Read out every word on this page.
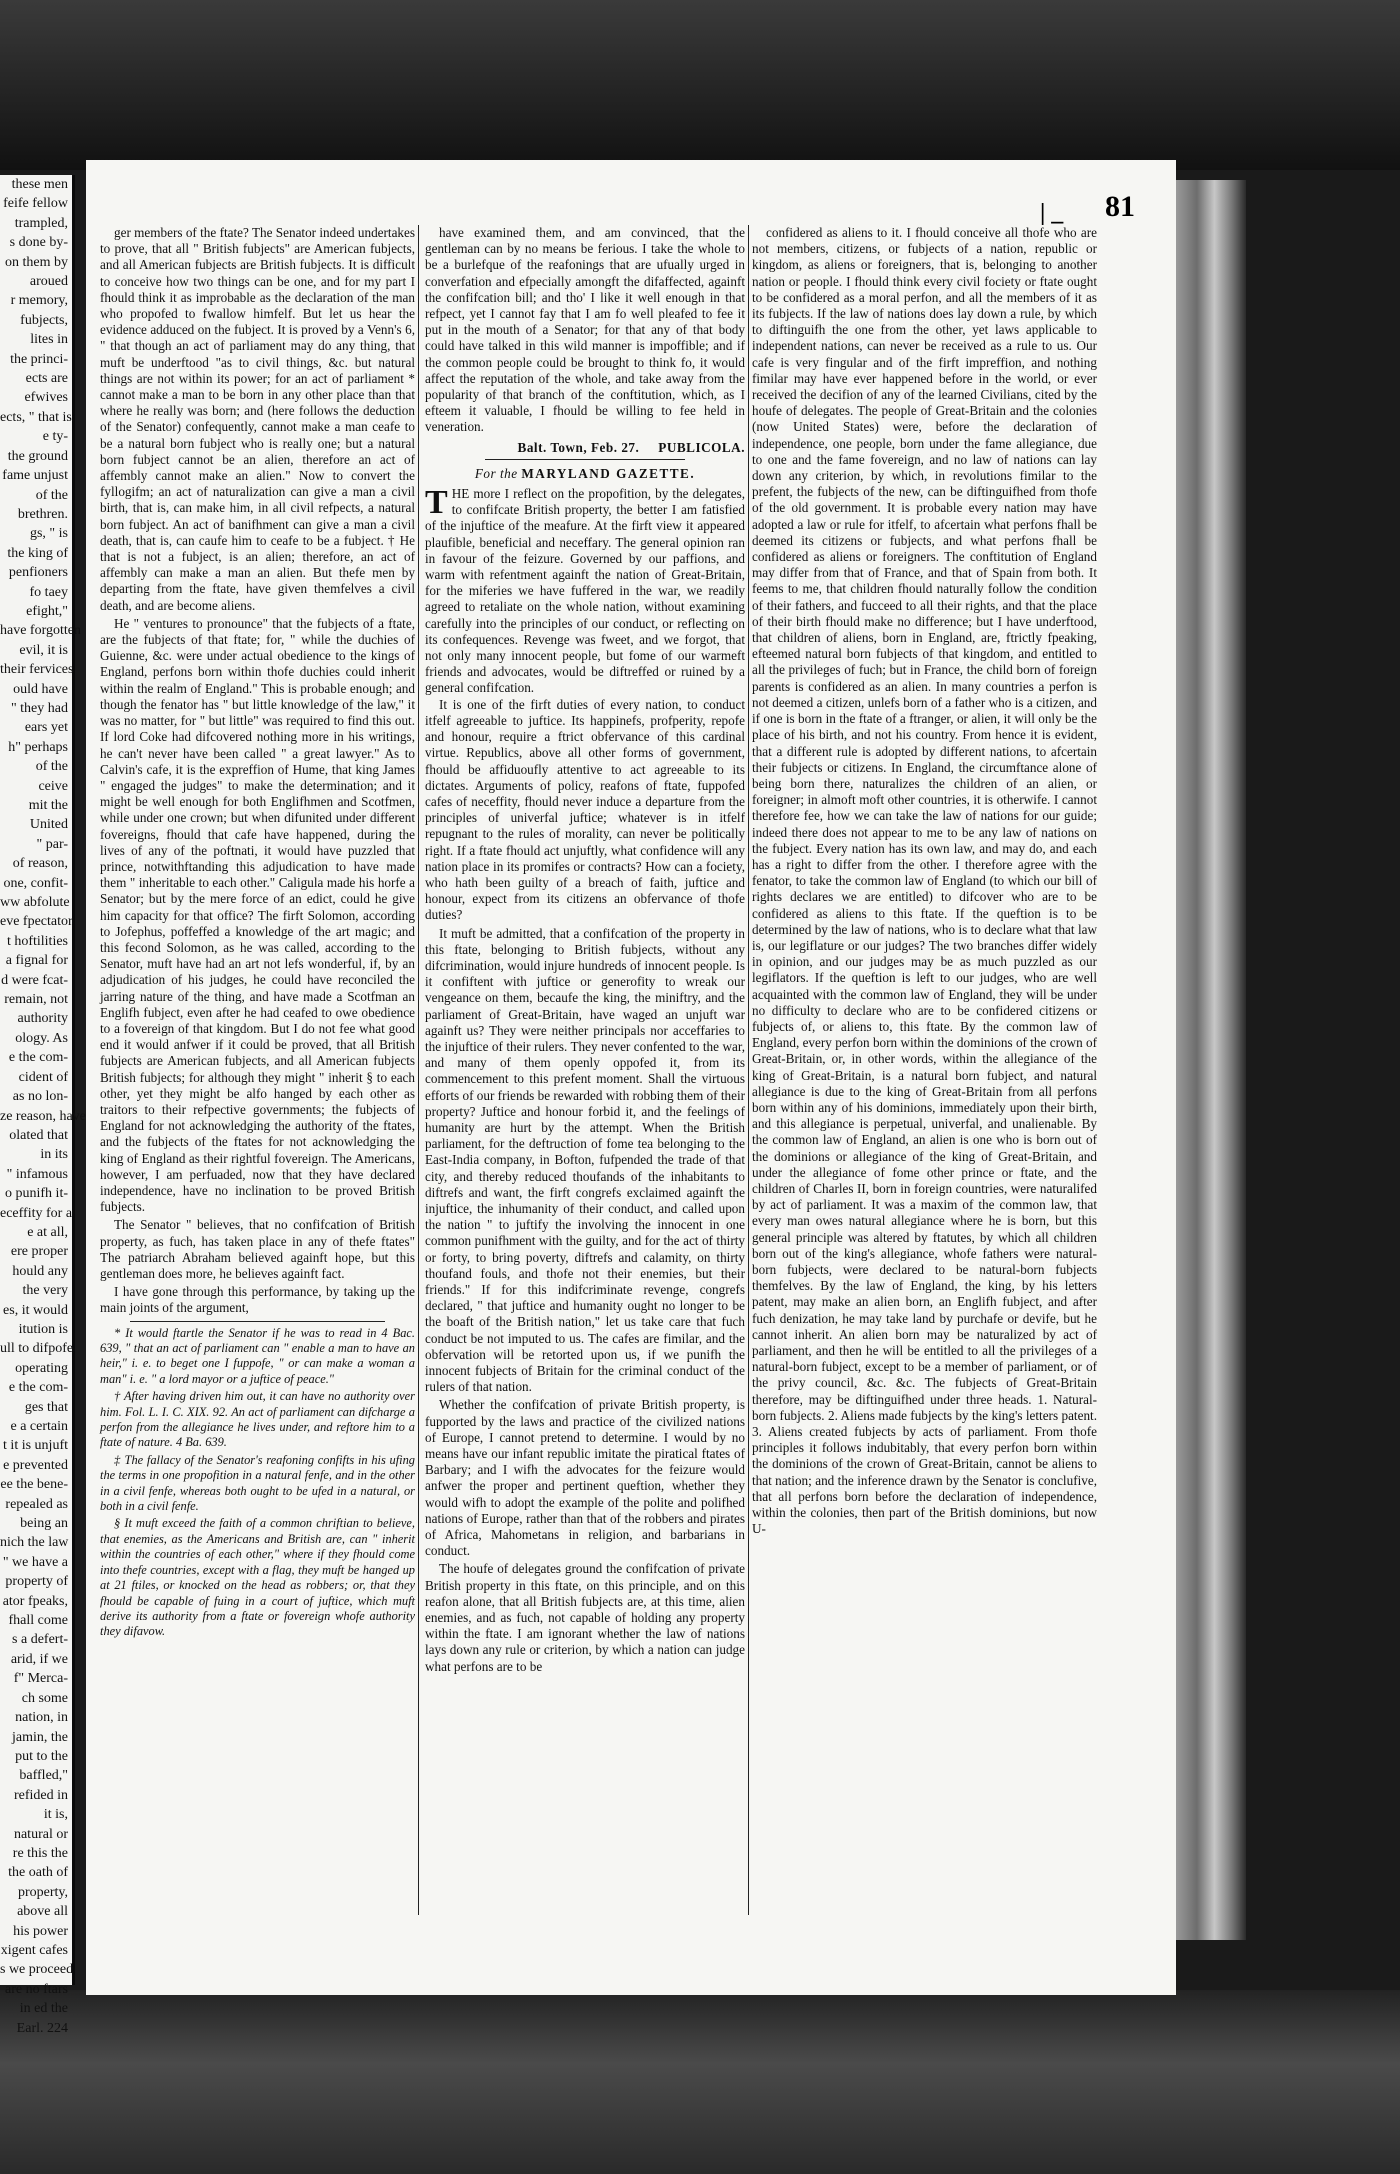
these men
feife fellow
trampled,
s done by-
on them by
aroued
r memory,
fubjects,
lites in
the princi-
ects are
efwives
ects, " that is
e ty-
the ground
fame unjust
of the
brethren.
gs, " is
the king of
penfioners
fo taey
efight,"
have forgotten
evil, it is
their fervices
ould have
" they had
ears yet
h" perhaps
of the
ceive
mit the
United
" par-
of reason,
one, confit-
ww abfolute
eve fpectator
t hoftilities
a fignal for
d were fcat-
remain, not
authority
ology. As
e the com-
cident of
as no lon-
ze reason, have
olated that
in its
" infamous
o punifh it-
eceffity for a
e at all,
ere proper
hould any
the very
es, it would
itution is
ull to difpofe
operating
e the com-
ges that
e a certain
t it is unjuft
e prevented
ee the bene-
repealed as
being an
nich the law
" we have a
property of
ator fpeaks,
fhall come
s a defert-
arid, if we
f" Merca-
ch some
nation, in
jamin, the
put to the
baffled,"
refided in
it is,
natural or
re this the
the oath of
property,
above all
his power
xigent cafes
s we proceed
are no ftars
in ed the
Earl. 224
| _ 81

ger members of the ftate? The Senator indeed undertakes to prove, that all " British fubjects" are American fubjects, and all American fubjects are British fubjects. It is difficult to conceive how two things can be one, and for my part I fhould think it as improbable as the declaration of the man who propofed to fwallow himfelf. But let us hear the evidence adduced on the fubject. It is proved by a Venn's 6, " that though an act of parliament may do any thing, that muft be underftood "as to civil things, &c. but natural things are not within its power; for an act of parliament * cannot make a man to be born in any other place than that where he really was born; and (here follows the deduction of the Senator) confequently, cannot make a man ceafe to be a natural born fubject who is really one; but a natural born fubject cannot be an alien, therefore an act of affembly cannot make an alien." Now to convert the fyllogifm; an act of naturalization can give a man a civil birth, that is, can make him, in all civil refpects, a natural born fubject. An act of banifhment can give a man a civil death, that is, can caufe him to ceafe to be a fubject. † He that is not a fubject, is an alien; therefore, an act of affembly can make a man an alien. But thefe men by departing from the ftate, have given themfelves a civil death, and are become aliens.

He " ventures to pronounce" that the fubjects of a ftate, are the fubjects of that ftate; for, " while the duchies of Guienne, &c. were under actual obedience to the kings of England, perfons born within thofe duchies could inherit within the realm of England." This is probable enough; and though the fenator has " but little knowledge of the law," it was no matter, for " but little" was required to find this out. If lord Coke had difcovered nothing more in his writings, he can't never have been called " a great lawyer." As to Calvin's cafe, it is the expreffion of Hume, that king James " engaged the judges" to make the determination; and it might be well enough for both Englifhmen and Scotfmen, while under one crown; but when difunited under different fovereigns, fhould that cafe have happened, during the lives of any of the poftnati, it would have puzzled that prince, notwithftanding this adjudication to have made them " inheritable to each other." Caligula made his horfe a Senator; but by the mere force of an edict, could he give him capacity for that office? The firft Solomon, according to Jofephus, poffeffed a knowledge of the art magic; and this fecond Solomon, as he was called, according to the Senator, muft have had an art not lefs wonderful, if, by an adjudication of his judges, he could have reconciled the jarring nature of the thing, and have made a Scotfman an Englifh fubject, even after he had ceafed to owe obedience to a fovereign of that kingdom. But I do not fee what good end it would anfwer if it could be proved, that all British fubjects are American fubjects, and all American fubjects British fubjects; for although they might " inherit § to each other, yet they might be alfo hanged by each other as traitors to their refpective governments; the fubjects of England for not acknowledging the authority of the ftates, and the fubjects of the ftates for not acknowledging the king of England as their rightful fovereign. The Americans, however, I am perfuaded, now that they have declared independence, have no inclination to be proved British fubjects.

The Senator " believes, that no confifcation of British property, as fuch, has taken place in any of thefe ftates" The patriarch Abraham believed againft hope, but this gentleman does more, he believes againft fact.

I have gone through this performance, by taking up the main joints of the argument,

* It would ftartle the Senator if he was to read in 4 Bac. 639, " that an act of parliament can " enable a man to have an heir," i. e. to beget one I fuppofe, " or can make a woman a man" i. e. " a lord mayor or a juftice of peace."

† After having driven him out, it can have no authority over him. Fol. L. I. C. XIX. 92. An act of parliament can difcharge a perfon from the allegiance he lives under, and reftore him to a ftate of nature. 4 Ba. 639.

‡ The fallacy of the Senator's reafoning confifts in his ufing the terms in one propofition in a natural fenfe, and in the other in a civil fenfe, whereas both ought to be ufed in a natural, or both in a civil fenfe.

§ It muft exceed the faith of a common chriftian to believe, that enemies, as the Americans and British are, can " inherit within the countries of each other," where if they fhould come into thefe countries, except with a flag, they muft be hanged up at 21 ftiles, or knocked on the head as robbers; or, that they fhould be capable of fuing in a court of juftice, which muft derive its authority from a ftate or fovereign whofe authority they difavow.

have examined them, and am convinced, that the gentleman can by no means be ferious. I take the whole to be a burlefque of the reafonings that are ufually urged in converfation and efpecially amongft the difaffected, againft the confifcation bill; and tho' I like it well enough in that refpect, yet I cannot fay that I am fo well pleafed to fee it put in the mouth of a Senator; for that any of that body could have talked in this wild manner is impoffible; and if the common people could be brought to think fo, it would affect the reputation of the whole, and take away from the popularity of that branch of the conftitution, which, as I efteem it valuable, I fhould be willing to fee held in veneration.

Balt. Town, Feb. 27. PUBLICOLA.
For the MARYLAND GAZETTE.
T HE more I reflect on the propofition, by the delegates, to confifcate British property, the better I am fatisfied of the injuftice of the meafure. At the firft view it appeared plaufible, beneficial and neceffary. The general opinion ran in favour of the feizure. Governed by our paffions, and warm with refentment againft the nation of Great-Britain, for the miferies we have fuffered in the war, we readily agreed to retaliate on the whole nation, without examining carefully into the principles of our conduct, or reflecting on its confequences. Revenge was fweet, and we forgot, that not only many innocent people, but fome of our warmeft friends and advocates, would be diftreffed or ruined by a general confifcation.

It is one of the firft duties of every nation, to conduct itfelf agreeable to juftice. Its happinefs, profperity, repofe and honour, require a ftrict obfervance of this cardinal virtue. Republics, above all other forms of government, fhould be affiduoufly attentive to act agreeable to its dictates. Arguments of policy, reafons of ftate, fuppofed cafes of neceffity, fhould never induce a departure from the principles of univerfal juftice; whatever is in itfelf repugnant to the rules of morality, can never be politically right. If a ftate fhould act unjuftly, what confidence will any nation place in its promifes or contracts? How can a fociety, who hath been guilty of a breach of faith, juftice and honour, expect from its citizens an obfervance of thofe duties?

It muft be admitted, that a confifcation of the property in this ftate, belonging to British fubjects, without any difcrimination, would injure hundreds of innocent people. Is it confiftent with juftice or generofity to wreak our vengeance on them, becaufe the king, the miniftry, and the parliament of Great-Britain, have waged an unjuft war againft us? They were neither principals nor acceffaries to the injuftice of their rulers. They never confented to the war, and many of them openly oppofed it, from its commencement to this prefent moment. Shall the virtuous efforts of our friends be rewarded with robbing them of their property? Juftice and honour forbid it, and the feelings of humanity are hurt by the attempt. When the British parliament, for the deftruction of fome tea belonging to the East-India company, in Bofton, fufpended the trade of that city, and thereby reduced thoufands of the inhabitants to diftrefs and want, the firft congrefs exclaimed againft the injuftice, the inhumanity of their conduct, and called upon the nation " to juftify the involving the innocent in one common punifhment with the guilty, and for the act of thirty or forty, to bring poverty, diftrefs and calamity, on thirty thoufand fouls, and thofe not their enemies, but their friends." If for this indifcriminate revenge, congrefs declared, " that juftice and humanity ought no longer to be the boaft of the British nation," let us take care that fuch conduct be not imputed to us. The cafes are fimilar, and the obfervation will be retorted upon us, if we punifh the innocent fubjects of Britain for the criminal conduct of the rulers of that nation.

Whether the confifcation of private British property, is fupported by the laws and practice of the civilized nations of Europe, I cannot pretend to determine. I would by no means have our infant republic imitate the piratical ftates of Barbary; and I wifh the advocates for the feizure would anfwer the proper and pertinent queftion, whether they would wifh to adopt the example of the polite and polifhed nations of Europe, rather than that of the robbers and pirates of Africa, Mahometans in religion, and barbarians in conduct.

The houfe of delegates ground the confifcation of private British property in this ftate, on this principle, and on this reafon alone, that all British fubjects are, at this time, alien enemies, and as fuch, not capable of holding any property within the ftate. I am ignorant whether the law of nations lays down any rule or criterion, by which a nation can judge what perfons are to be

confidered as aliens to it. I fhould conceive all thofe who are not members, citizens, or fubjects of a nation, republic or kingdom, as aliens or foreigners, that is, belonging to another nation or people. I fhould think every civil fociety or ftate ought to be confidered as a moral perfon, and all the members of it as its fubjects. If the law of nations does lay down a rule, by which to diftinguifh the one from the other, yet laws applicable to independent nations, can never be received as a rule to us. Our cafe is very fingular and of the firft impreffion, and nothing fimilar may have ever happened before in the world, or ever received the decifion of any of the learned Civilians, cited by the houfe of delegates. The people of Great-Britain and the colonies (now United States) were, before the declaration of independence, one people, born under the fame allegiance, due to one and the fame fovereign, and no law of nations can lay down any criterion, by which, in revolutions fimilar to the prefent, the fubjects of the new, can be diftinguifhed from thofe of the old government. It is probable every nation may have adopted a law or rule for itfelf, to afcertain what perfons fhall be deemed its citizens or fubjects, and what perfons fhall be confidered as aliens or foreigners. The conftitution of England may differ from that of France, and that of Spain from both. It feems to me, that children fhould naturally follow the condition of their fathers, and fucceed to all their rights, and that the place of their birth fhould make no difference; but I have underftood, that children of aliens, born in England, are, ftrictly fpeaking, efteemed natural born fubjects of that kingdom, and entitled to all the privileges of fuch; but in France, the child born of foreign parents is confidered as an alien. In many countries a perfon is not deemed a citizen, unlefs born of a father who is a citizen, and if one is born in the ftate of a ftranger, or alien, it will only be the place of his birth, and not his country. From hence it is evident, that a different rule is adopted by different nations, to afcertain their fubjects or citizens. In England, the circumftance alone of being born there, naturalizes the children of an alien, or foreigner; in almoft moft other countries, it is otherwife. I cannot therefore fee, how we can take the law of nations for our guide; indeed there does not appear to me to be any law of nations on the fubject. Every nation has its own law, and may do, and each has a right to differ from the other. I therefore agree with the fenator, to take the common law of England (to which our bill of rights declares we are entitled) to difcover who are to be confidered as aliens to this ftate. If the queftion is to be determined by the law of nations, who is to declare what that law is, our legiflature or our judges? The two branches differ widely in opinion, and our judges may be as much puzzled as our legiflators. If the queftion is left to our judges, who are well acquainted with the common law of England, they will be under no difficulty to declare who are to be confidered citizens or fubjects of, or aliens to, this ftate. By the common law of England, every perfon born within the dominions of the crown of Great-Britain, or, in other words, within the allegiance of the king of Great-Britain, is a natural born fubject, and natural allegiance is due to the king of Great-Britain from all perfons born within any of his dominions, immediately upon their birth, and this allegiance is perpetual, univerfal, and unalienable. By the common law of England, an alien is one who is born out of the dominions or allegiance of the king of Great-Britain, and under the allegiance of fome other prince or ftate, and the children of Charles II, born in foreign countries, were naturalifed by act of parliament. It was a maxim of the common law, that every man owes natural allegiance where he is born, but this general principle was altered by ftatutes, by which all children born out of the king's allegiance, whofe fathers were natural-born fubjects, were declared to be natural-born fubjects themfelves. By the law of England, the king, by his letters patent, may make an alien born, an Englifh fubject, and after fuch denization, he may take land by purchafe or devife, but he cannot inherit. An alien born may be naturalized by act of parliament, and then he will be entitled to all the privileges of a natural-born fubject, except to be a member of parliament, or of the privy council, &c. &c. The fubjects of Great-Britain therefore, may be diftinguifhed under three heads. 1. Natural-born fubjects. 2. Aliens made fubjects by the king's letters patent. 3. Aliens created fubjects by acts of parliament. From thofe principles it follows indubitably, that every perfon born within the dominions of the crown of Great-Britain, cannot be aliens to that nation; and the inference drawn by the Senator is conclufive, that all perfons born before the declaration of independence, within the colonies, then part of the British dominions, but now U-
